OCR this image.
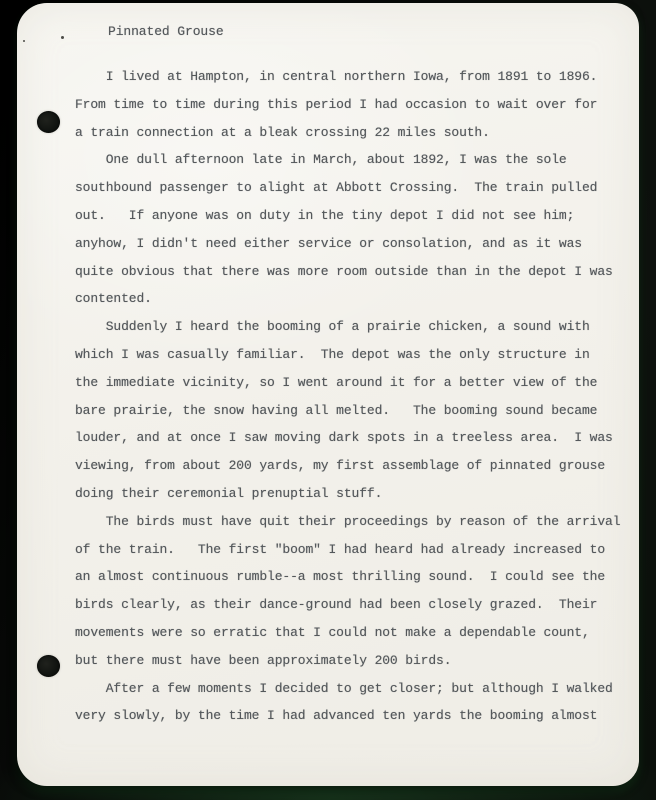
Pinnated Grouse
I lived at Hampton, in central northern Iowa, from 1891 to 1896.
From time to time during this period I had occasion to wait over for
a train connection at a bleak crossing 22 miles south.
One dull afternoon late in March, about 1892, I was the sole
southbound passenger to alight at Abbott Crossing.  The train pulled
out.   If anyone was on duty in the tiny depot I did not see him;
anyhow, I didn't need either service or consolation, and as it was
quite obvious that there was more room outside than in the depot I was
contented.
Suddenly I heard the booming of a prairie chicken, a sound with
which I was casually familiar.  The depot was the only structure in
the immediate vicinity, so I went around it for a better view of the
bare prairie, the snow having all melted.   The booming sound became
louder, and at once I saw moving dark spots in a treeless area.  I was
viewing, from about 200 yards, my first assemblage of pinnated grouse
doing their ceremonial prenuptial stuff.
The birds must have quit their proceedings by reason of the arrival
of the train.   The first "boom" I had heard had already increased to
an almost continuous rumble--a most thrilling sound.  I could see the
birds clearly, as their dance-ground had been closely grazed.  Their
movements were so erratic that I could not make a dependable count,
but there must have been approximately 200 birds.
After a few moments I decided to get closer; but although I walked
very slowly, by the time I had advanced ten yards the booming almost
